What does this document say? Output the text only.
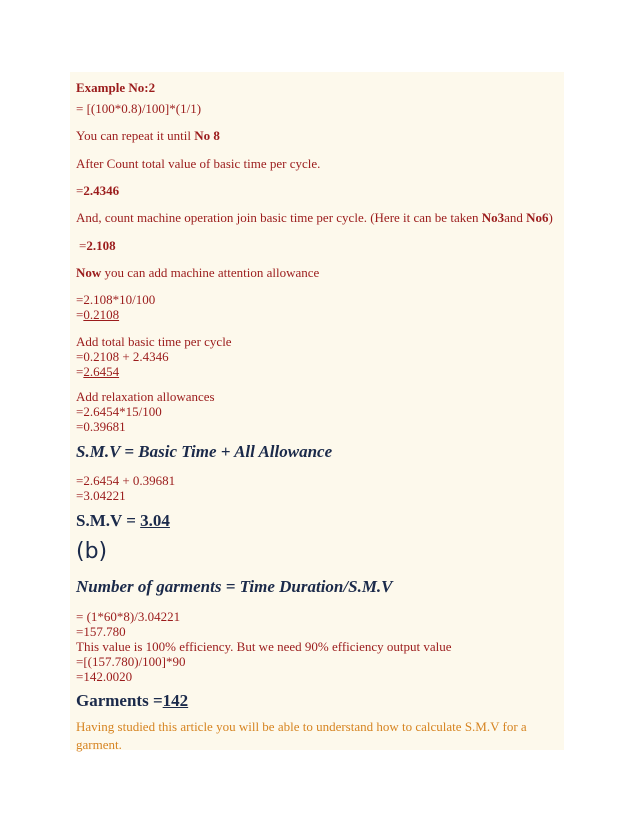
Example No:2

= [(100*0.8)/100]*(1/1)

You can repeat it until No 8

After Count total value of basic time per cycle.

=2.4346

And, count machine operation join basic time per cycle. (Here it can be taken No3and No6)

=2.108

Now you can add machine attention allowance

=2.108*10/100

=0.2108

Add total basic time per cycle

=0.2108 + 2.4346

=2.6454

Add relaxation allowances

=2.6454*15/100

=0.39681

S.M.V = Basic Time + All Allowance

=2.6454 + 0.39681

=3.04221

S.M.V = 3.04

(b)

Number of garments = Time Duration/S.M.V

= (1*60*8)/3.04221

=157.780

This value is 100% efficiency. But we need 90% efficiency output value

=[(157.780)/100]*90

=142.0020

Garments =142

Having studied this article you will be able to understand how to calculate S.M.V for a garment.
